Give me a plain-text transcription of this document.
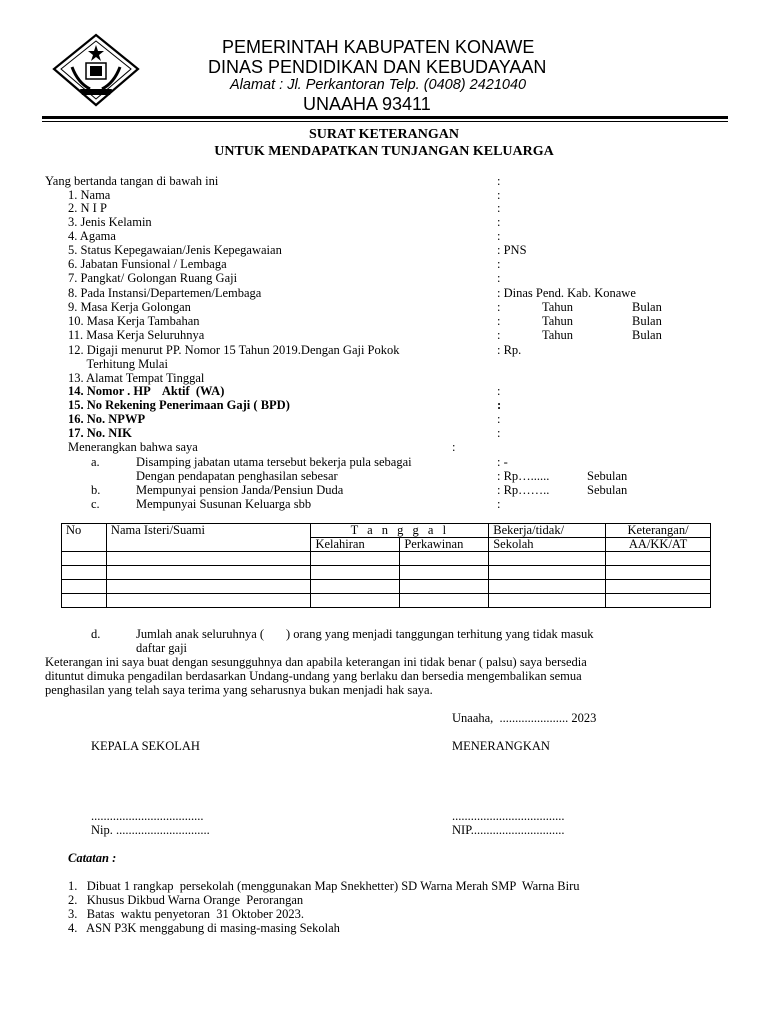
PEMERINTAH KABUPATEN KONAWE
DINAS PENDIDIKAN DAN KEBUDAYAAN
Alamat : Jl. Perkantoran Telp. (0408) 2421040
UNAAHA 93411
SURAT KETERANGAN
UNTUK MENDAPATKAN TUNJANGAN KELUARGA
Yang bertanda tangan di bawah ini	:
1. Nama	:
2. N I P	:
3. Jenis Kelamin	:
4. Agama	:
5. Status Kepegawaian/Jenis Kepegawaian	: PNS
6. Jabatan Funsional / Lembaga	:
7. Pangkat/ Golongan Ruang Gaji	:
8. Pada Instansi/Departemen/Lembaga	: Dinas Pend. Kab. Konawe
9. Masa Kerja Golongan	:	Tahun	Bulan
10. Masa Kerja Tambahan	:	Tahun	Bulan
11. Masa Kerja Seluruhnya	:	Tahun	Bulan
12. Digaji menurut PP. Nomor 15 Tahun 2019.Dengan Gaji Pokok	: Rp.
Terhitung Mulai
13. Alamat Tempat Tinggal
14. Nomor . HP    Aktif  (WA)	:
15. No Rekening Penerimaan Gaji ( BPD)	:
16. No. NPWP	:
17. No. NIK	:
Menerangkan bahwa saya	:
a.	Disamping jabatan utama tersebut bekerja pula sebagai	: -
Dengan pendapatan penghasilan sebesar	: Rp…......	Sebulan
b.	Mempunyai pension Janda/Pensiun Duda	: Rp……..	Sebulan
c.	Mempunyai Susunan Keluarga sbb	:
No	Nama Isteri/Suami	T a n g g a l		Bekerja/tidak/	Keterangan/
		Kelahiran	Perkawinan	Sekolah	AA/KK/AT

d.	Jumlah anak seluruhnya (       ) orang yang menjadi tanggungan terhitung yang tidak masuk
daftar gaji
Keterangan ini saya buat dengan sesungguhnya dan apabila keterangan ini tidak benar ( palsu) saya bersedia
dituntut dimuka pengadilan berdasarkan Undang-undang yang berlaku dan bersedia mengembalikan semua
penghasilan yang telah saya terima yang seharusnya bukan menjadi hak saya.
Unaaha,  ...................... 2023
KEPALA SEKOLAH	MENERANGKAN
....................................	....................................
Nip. ..............................	NIP..............................
Catatan :
1.   Dibuat 1 rangkap  persekolah (menggunakan Map Snekhetter) SD Warna Merah SMP  Warna Biru
2.   Khusus Dikbud Warna Orange  Perorangan
3.   Batas  waktu penyetoran  31 Oktober 2023.
4.   ASN P3K menggabung di masing-masing Sekolah
